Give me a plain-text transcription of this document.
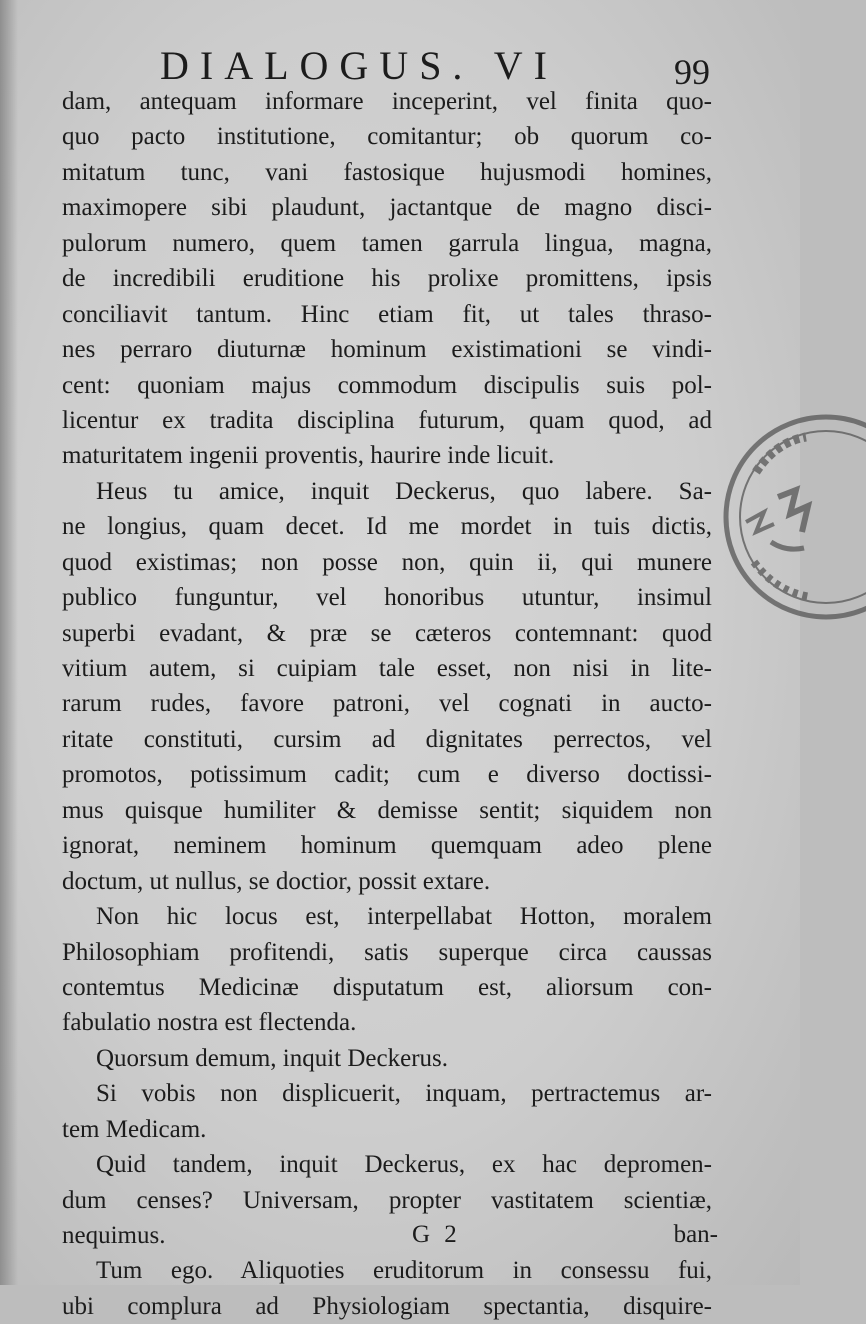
DIALOGUS. VI	99
dam, antequam informare inceperint, vel finita quo-
quo pacto institutione, comitantur; ob quorum co-
mitatum tunc, vani fastosique hujusmodi homines,
maximopere sibi plaudunt, jactantque de magno disci-
pulorum numero, quem tamen garrula lingua, magna,
de incredibili eruditione his prolixe promittens, ipsis
conciliavit tantum. Hinc etiam fit, ut tales thraso-
nes perraro diuturnæ hominum existimationi se vindi-
cent: quoniam majus commodum discipulis suis pol-
licentur ex tradita disciplina futurum, quam quod, ad
maturitatem ingenii proventis, haurire inde licuit.
Heus tu amice, inquit Deckerus, quo labere. Sa-
ne longius, quam decet. Id me mordet in tuis dictis,
quod existimas; non posse non, quin ii, qui munere
publico funguntur, vel honoribus utuntur, insimul
superbi evadant, & præ se cæteros contemnant: quod
vitium autem, si cuipiam tale esset, non nisi in lite-
rarum rudes, favore patroni, vel cognati in aucto-
ritate constituti, cursim ad dignitates perrectos, vel
promotos, potissimum cadit; cum e diverso doctissi-
mus quisque humiliter & demisse sentit; siquidem non
ignorat, neminem hominum quemquam adeo plene
doctum, ut nullus, se doctior, possit extare.
Non hic locus est, interpellabat Hotton, moralem
Philosophiam profitendi, satis superque circa caussas
contemtus Medicinæ disputatum est, aliorsum con-
fabulatio nostra est flectenda.
Quorsum demum, inquit Deckerus.
Si vobis non displicuerit, inquam, pertractemus ar-
tem Medicam.
Quid tandem, inquit Deckerus, ex hac depromen-
dum censes? Universam, propter vastitatem scientiæ,
nequimus.
Tum ego. Aliquoties eruditorum in consessu fui,
ubi complura ad Physiologiam spectantia, disquire-
G 2	ban-
